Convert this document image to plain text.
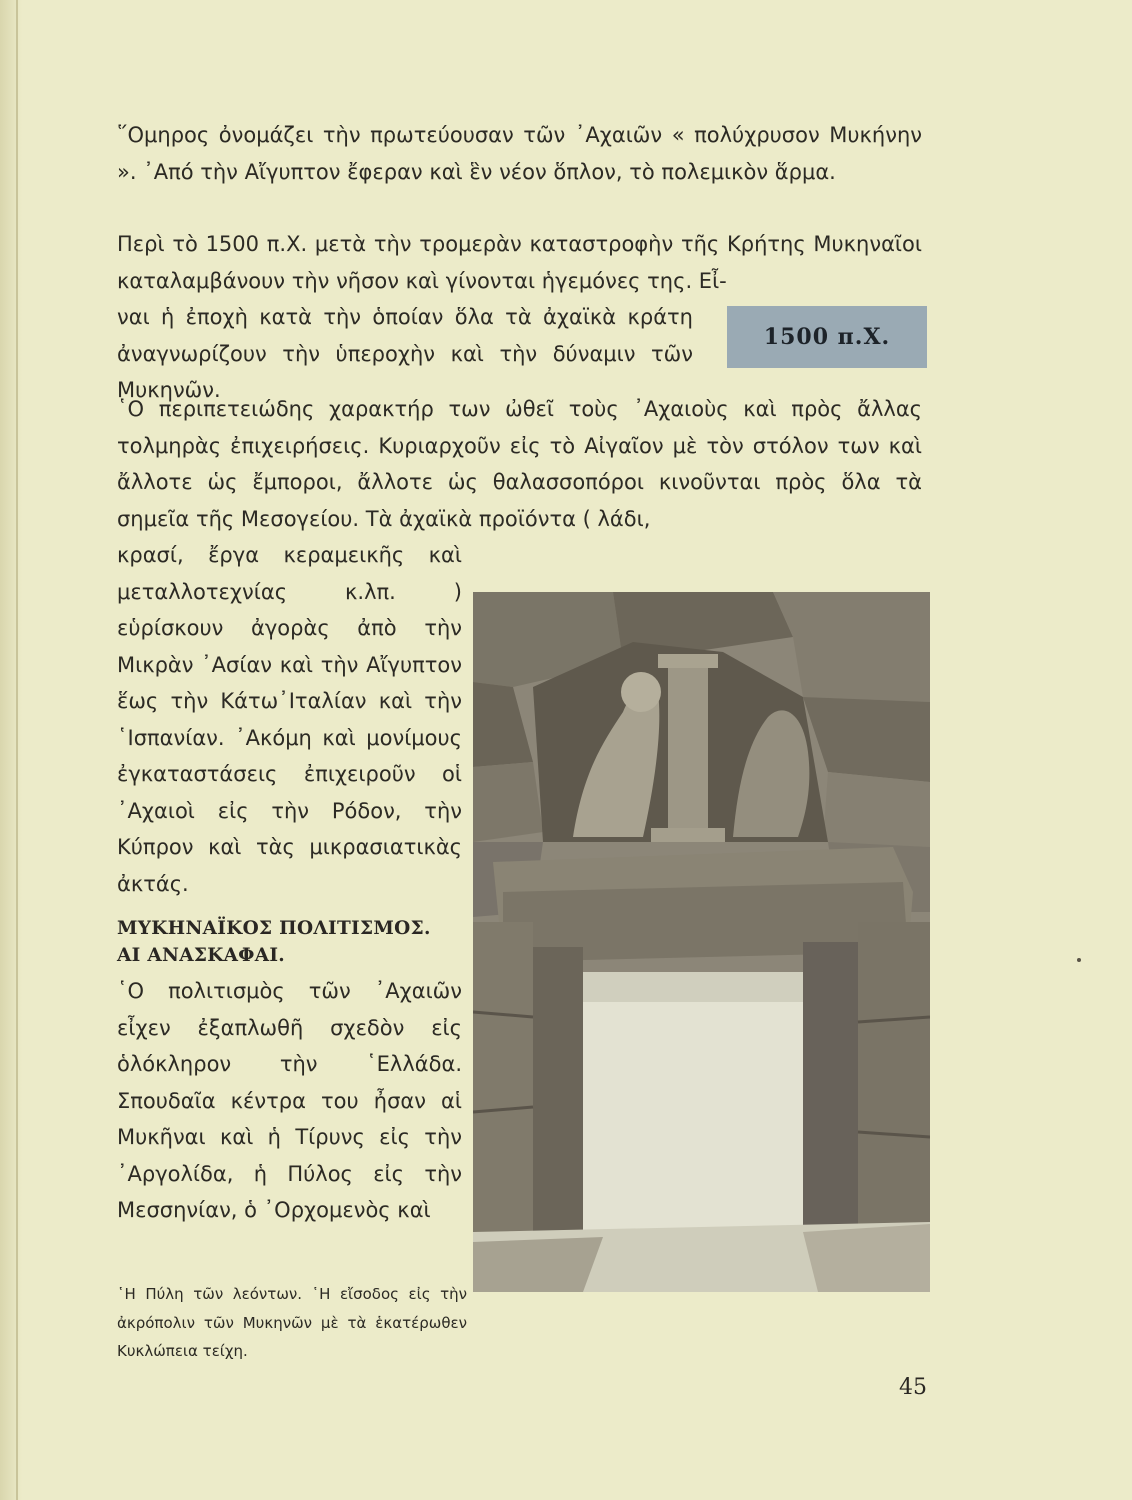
῞Ομηρος ὀνομάζει τὴν πρωτεύουσαν τῶν ᾿Αχαιῶν « πολύχρυσον Μυκήνην ». ᾿Από τὴν Αἴγυπτον ἔφεραν καὶ ἓν νέον ὅπλον, τὸ πολεμικὸν ἅρμα.

Περὶ τὸ 1500 π.Χ. μετὰ τὴν τρομερὰν καταστροφὴν τῆς Κρήτης Μυκηναῖοι καταλαμβάνουν τὴν νῆσον καὶ γίνονται ἡγεμόνες της. Εἶ-

ναι ἡ ἐποχὴ κατὰ τὴν ὁποίαν ὅλα τὰ ἀχαϊκὰ κράτη ἀναγνωρίζουν τὴν ὑπεροχὴν καὶ τὴν δύναμιν τῶν Μυκηνῶν.

1500 π.Χ.

῾Ο περιπετειώδης χαρακτήρ των ὠθεῖ τοὺς ᾿Αχαιοὺς καὶ πρὸς ἄλλας τολμηρὰς ἐπιχειρήσεις. Κυριαρχοῦν εἰς τὸ Αἰγαῖον μὲ τὸν στόλον των καὶ ἄλλοτε ὡς ἔμποροι, ἄλλοτε ὡς θαλασσοπόροι κινοῦνται πρὸς ὅλα τὰ σημεῖα τῆς Μεσογείου. Τὰ ἀχαϊκὰ προϊόντα ( λάδι,

κρασί, ἔργα κεραμεικῆς καὶ μεταλλοτεχνίας κ.λπ. ) εὑρίσκουν ἀγορὰς ἀπὸ τὴν Μικρὰν ᾿Ασίαν καὶ τὴν Αἴγυπτον ἕως τὴν Κάτω᾿Ιταλίαν καὶ τὴν ῾Ισπανίαν. ᾿Ακόμη καὶ μονίμους ἐγκαταστάσεις ἐπιχειροῦν οἱ ᾿Αχαιοὶ εἰς τὴν Ρόδον, τὴν Κύπρον καὶ τὰς μικρασιατικὰς ἀκτάς.

ΜΥΚΗΝΑΪΚΟΣ ΠΟΛΙΤΙΣΜΟΣ.
ΑΙ ΑΝΑΣΚΑΦΑΙ.

῾Ο πολιτισμὸς τῶν ᾿Αχαιῶν εἶχεν ἐξαπλωθῆ σχεδὸν εἰς ὁλόκληρον τὴν ῾Ελλάδα. Σπουδαῖα κέντρα του ἦσαν αἱ Μυκῆναι καὶ ἡ Τίρυνς εἰς τὴν ᾿Αργολίδα, ἡ Πύλος εἰς τὴν Μεσσηνίαν, ὁ ᾿Ορχομενὸς καὶ

῾Η Πύλη τῶν λεόντων. ῾Η εἴσοδος εἰς τὴν ἀκρόπολιν τῶν Μυκηνῶν μὲ τὰ ἑκατέρωθεν Κυκλώπεια τείχη.
45
